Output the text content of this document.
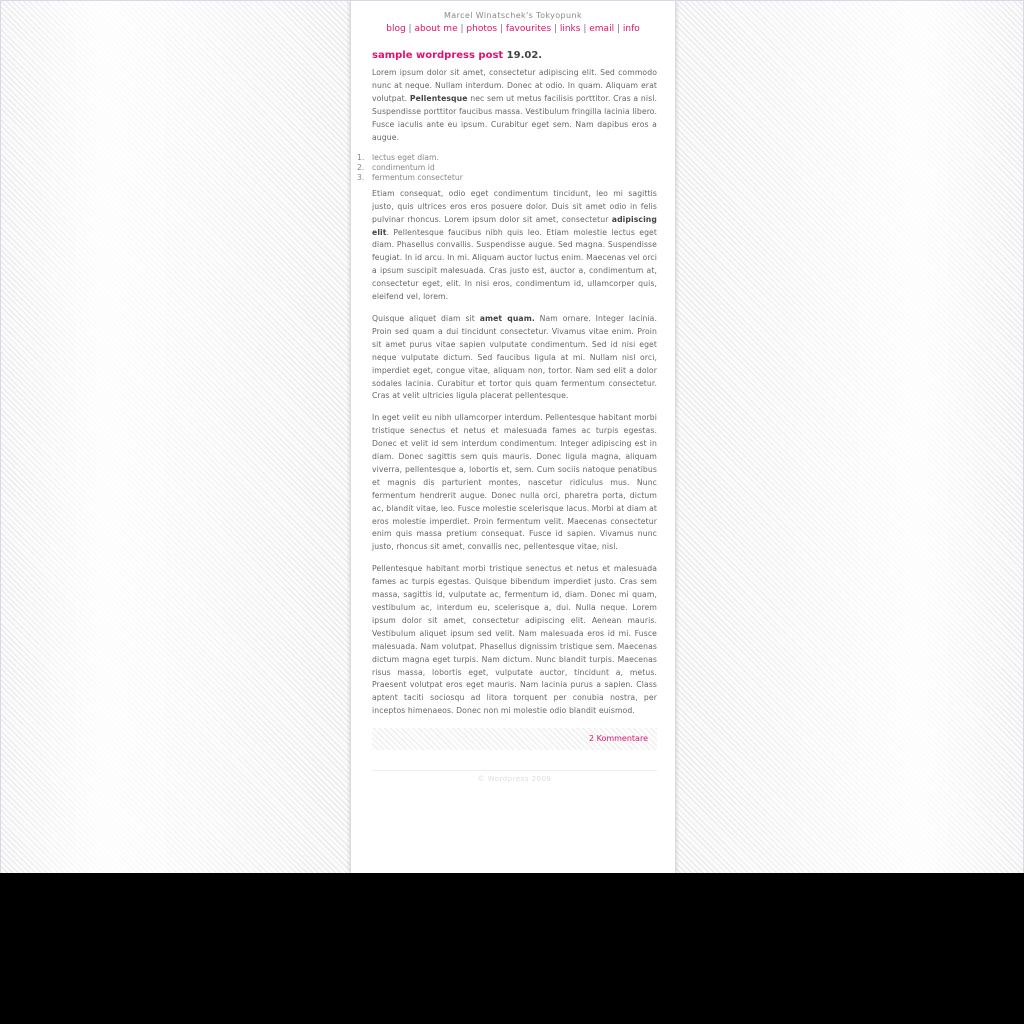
Marcel Winatschek's Tokyopunk
blog | about me | photos | favourites | links | email | info
sample wordpress post 19.02.

Lorem ipsum dolor sit amet, consectetur adipiscing elit. Sed commodo nunc at neque. Nullam interdum. Donec at odio. In quam. Aliquam erat volutpat. Pellentesque nec sem ut metus facilisis porttitor. Cras a nisl. Suspendisse porttitor faucibus massa. Vestibulum fringilla lacinia libero. Fusce iaculis ante eu ipsum. Curabitur eget sem. Nam dapibus eros a augue.

1. lectus eget diam.
2. condimentum id
3. fermentum consectetur

Etiam consequat, odio eget condimentum tincidunt, leo mi sagittis justo, quis ultrices eros eros posuere dolor. Duis sit amet odio in felis pulvinar rhoncus. Lorem ipsum dolor sit amet, consectetur adipiscing elit. Pellentesque faucibus nibh quis leo. Etiam molestie lectus eget diam. Phasellus convallis. Suspendisse augue. Sed magna. Suspendisse feugiat. In id arcu. In mi. Aliquam auctor luctus enim. Maecenas vel orci a ipsum suscipit malesuada. Cras justo est, auctor a, condimentum at, consectetur eget, elit. In nisi eros, condimentum id, ullamcorper quis, eleifend vel, lorem.

Quisque aliquet diam sit amet quam. Nam ornare. Integer lacinia. Proin sed quam a dui tincidunt consectetur. Vivamus vitae enim. Proin sit amet purus vitae sapien vulputate condimentum. Sed id nisi eget neque vulputate dictum. Sed faucibus ligula at mi. Nullam nisl orci, imperdiet eget, congue vitae, aliquam non, tortor. Nam sed elit a dolor sodales lacinia. Curabitur et tortor quis quam fermentum consectetur. Cras at velit ultricies ligula placerat pellentesque.

In eget velit eu nibh ullamcorper interdum. Pellentesque habitant morbi tristique senectus et netus et malesuada fames ac turpis egestas. Donec et velit id sem interdum condimentum. Integer adipiscing est in diam. Donec sagittis sem quis mauris. Donec ligula magna, aliquam viverra, pellentesque a, lobortis et, sem. Cum sociis natoque penatibus et magnis dis parturient montes, nascetur ridiculus mus. Nunc fermentum hendrerit augue. Donec nulla orci, pharetra porta, dictum ac, blandit vitae, leo. Fusce molestie scelerisque lacus. Morbi at diam at eros molestie imperdiet. Proin fermentum velit. Maecenas consectetur enim quis massa pretium consequat. Fusce id sapien. Vivamus nunc justo, rhoncus sit amet, convallis nec, pellentesque vitae, nisl.

Pellentesque habitant morbi tristique senectus et netus et malesuada fames ac turpis egestas. Quisque bibendum imperdiet justo. Cras sem massa, sagittis id, vulputate ac, fermentum id, diam. Donec mi quam, vestibulum ac, interdum eu, scelerisque a, dui. Nulla neque. Lorem ipsum dolor sit amet, consectetur adipiscing elit. Aenean mauris. Vestibulum aliquet ipsum sed velit. Nam malesuada eros id mi. Fusce malesuada. Nam volutpat. Phasellus dignissim tristique sem. Maecenas dictum magna eget turpis. Nam dictum. Nunc blandit turpis. Maecenas risus massa, lobortis eget, vulputate auctor, tincidunt a, metus. Praesent volutpat eros eget mauris. Nam lacinia purus a sapien. Class aptent taciti sociosqu ad litora torquent per conubia nostra, per inceptos himenaeos. Donec non mi molestie odio blandit euismod.

2 Kommentare
© Wordpress 2009
